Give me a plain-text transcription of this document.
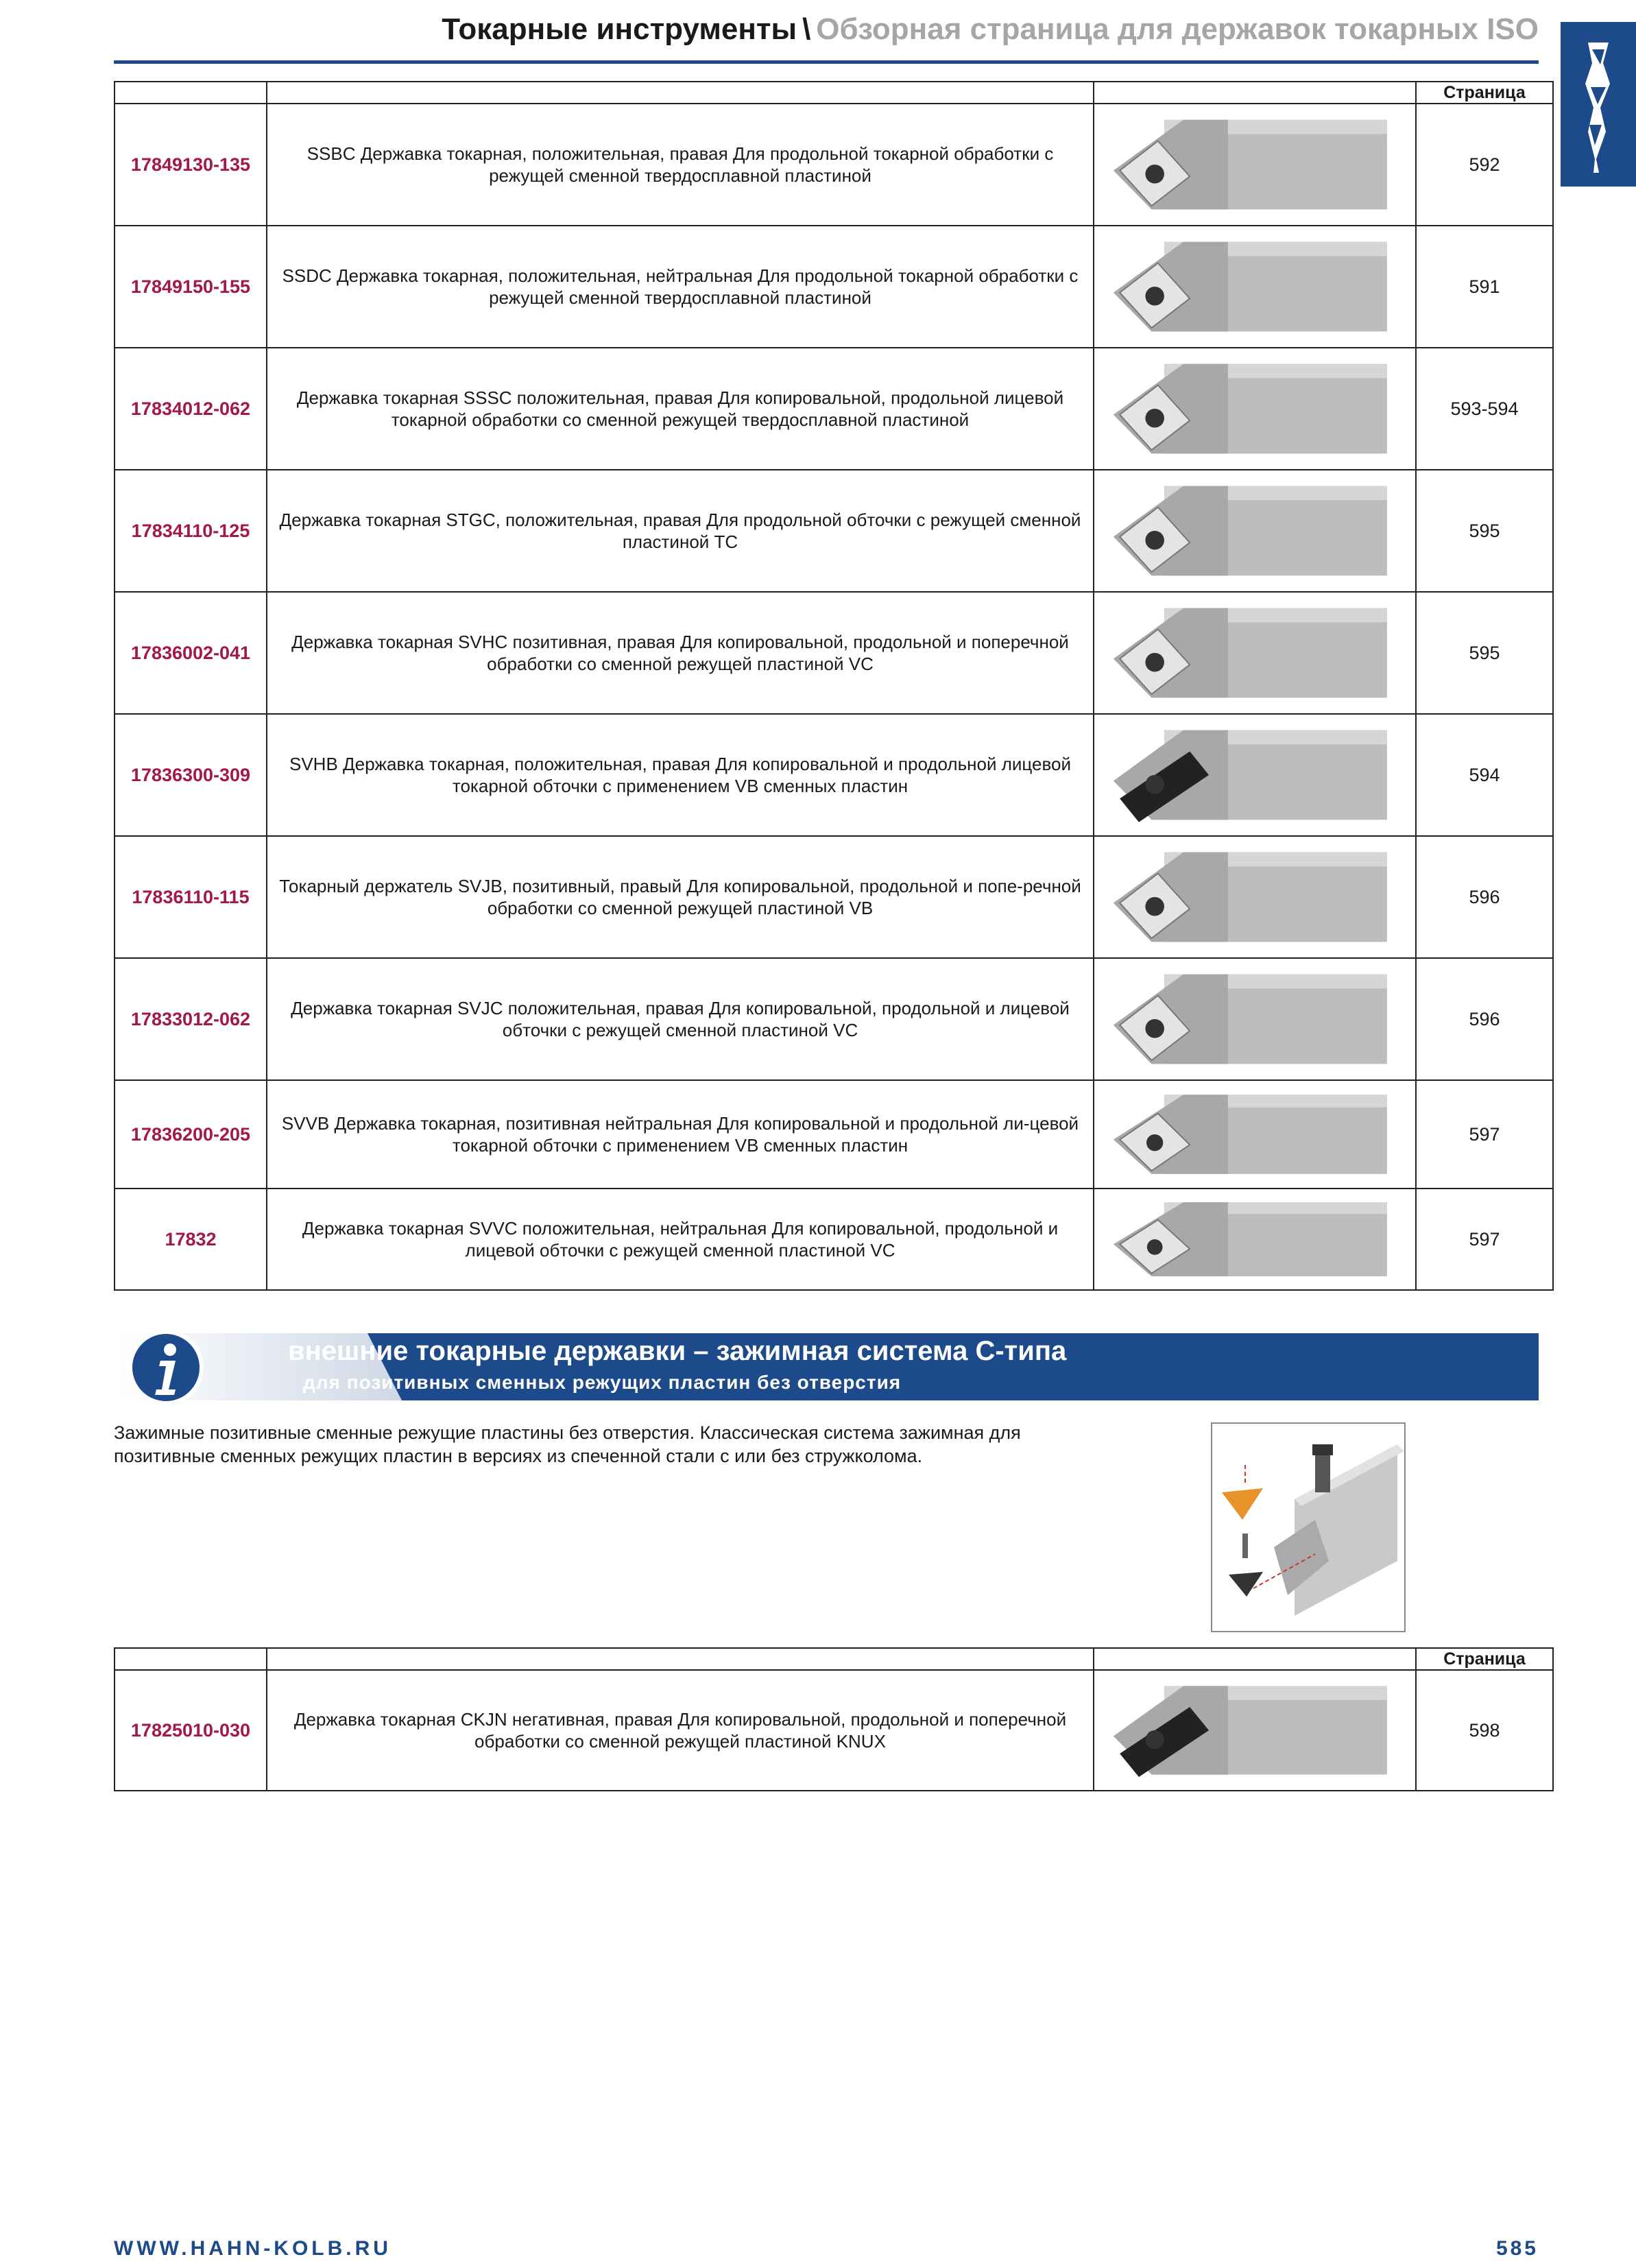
Токарные инструменты \ Обзорная страница для державок токарных ISO
			Страница
17849130-135	SSBC Державка токарная, положительная, правая Для продольной токарной обработки с режущей сменной твердосплавной пластиной		592
17849150-155	SSDC Державка токарная, положительная, нейтральная Для продольной токарной обработки с режущей сменной твердосплавной пластиной		591
17834012-062	Державка токарная SSSC положительная, правая Для копировальной, продольной лицевой токарной обработки со сменной режущей твердосплавной пластиной		593-594
17834110-125	Державка токарная STGC, положительная, правая Для продольной обточки с режущей сменной пластиной ТС		595
17836002-041	Державка токарная SVHC позитивная, правая Для копировальной, продольной и поперечной обработки со сменной режущей пластиной VC		595
17836300-309	SVHB Державка токарная, положительная, правая Для копировальной и продольной лицевой токарной обточки с применением VB сменных пластин		594
17836110-115	Токарный держатель SVJB, позитивный, правый Для копировальной, продольной и попе-речной обработки со сменной режущей пластиной VB		596
17833012-062	Державка токарная SVJC положительная, правая Для копировальной, продольной и лицевой обточки с режущей сменной пластиной VC		596
17836200-205	SVVB Державка токарная, позитивная нейтральная Для копировальной и продольной ли-цевой токарной обточки с применением VB сменных пластин		597
17832	Державка токарная SVVC положительная, нейтральная Для копировальной, продольной и лицевой обточки с режущей сменной пластиной VC		597
внешние токарные державки – зажимная система С-типа
для позитивных сменных режущих пластин без отверстия
Зажимные позитивные сменные режущие пластины без отверстия. Классическая система зажимная для позитивные сменных режущих пластин в версиях из спеченной стали с или без стружколома.
			Страница
17825010-030	Державка токарная CKJN негативная, правая Для копировальной, продольной и поперечной обработки со сменной режущей пластиной KNUX		598
WWW.HAHN-KOLB.RU	585
